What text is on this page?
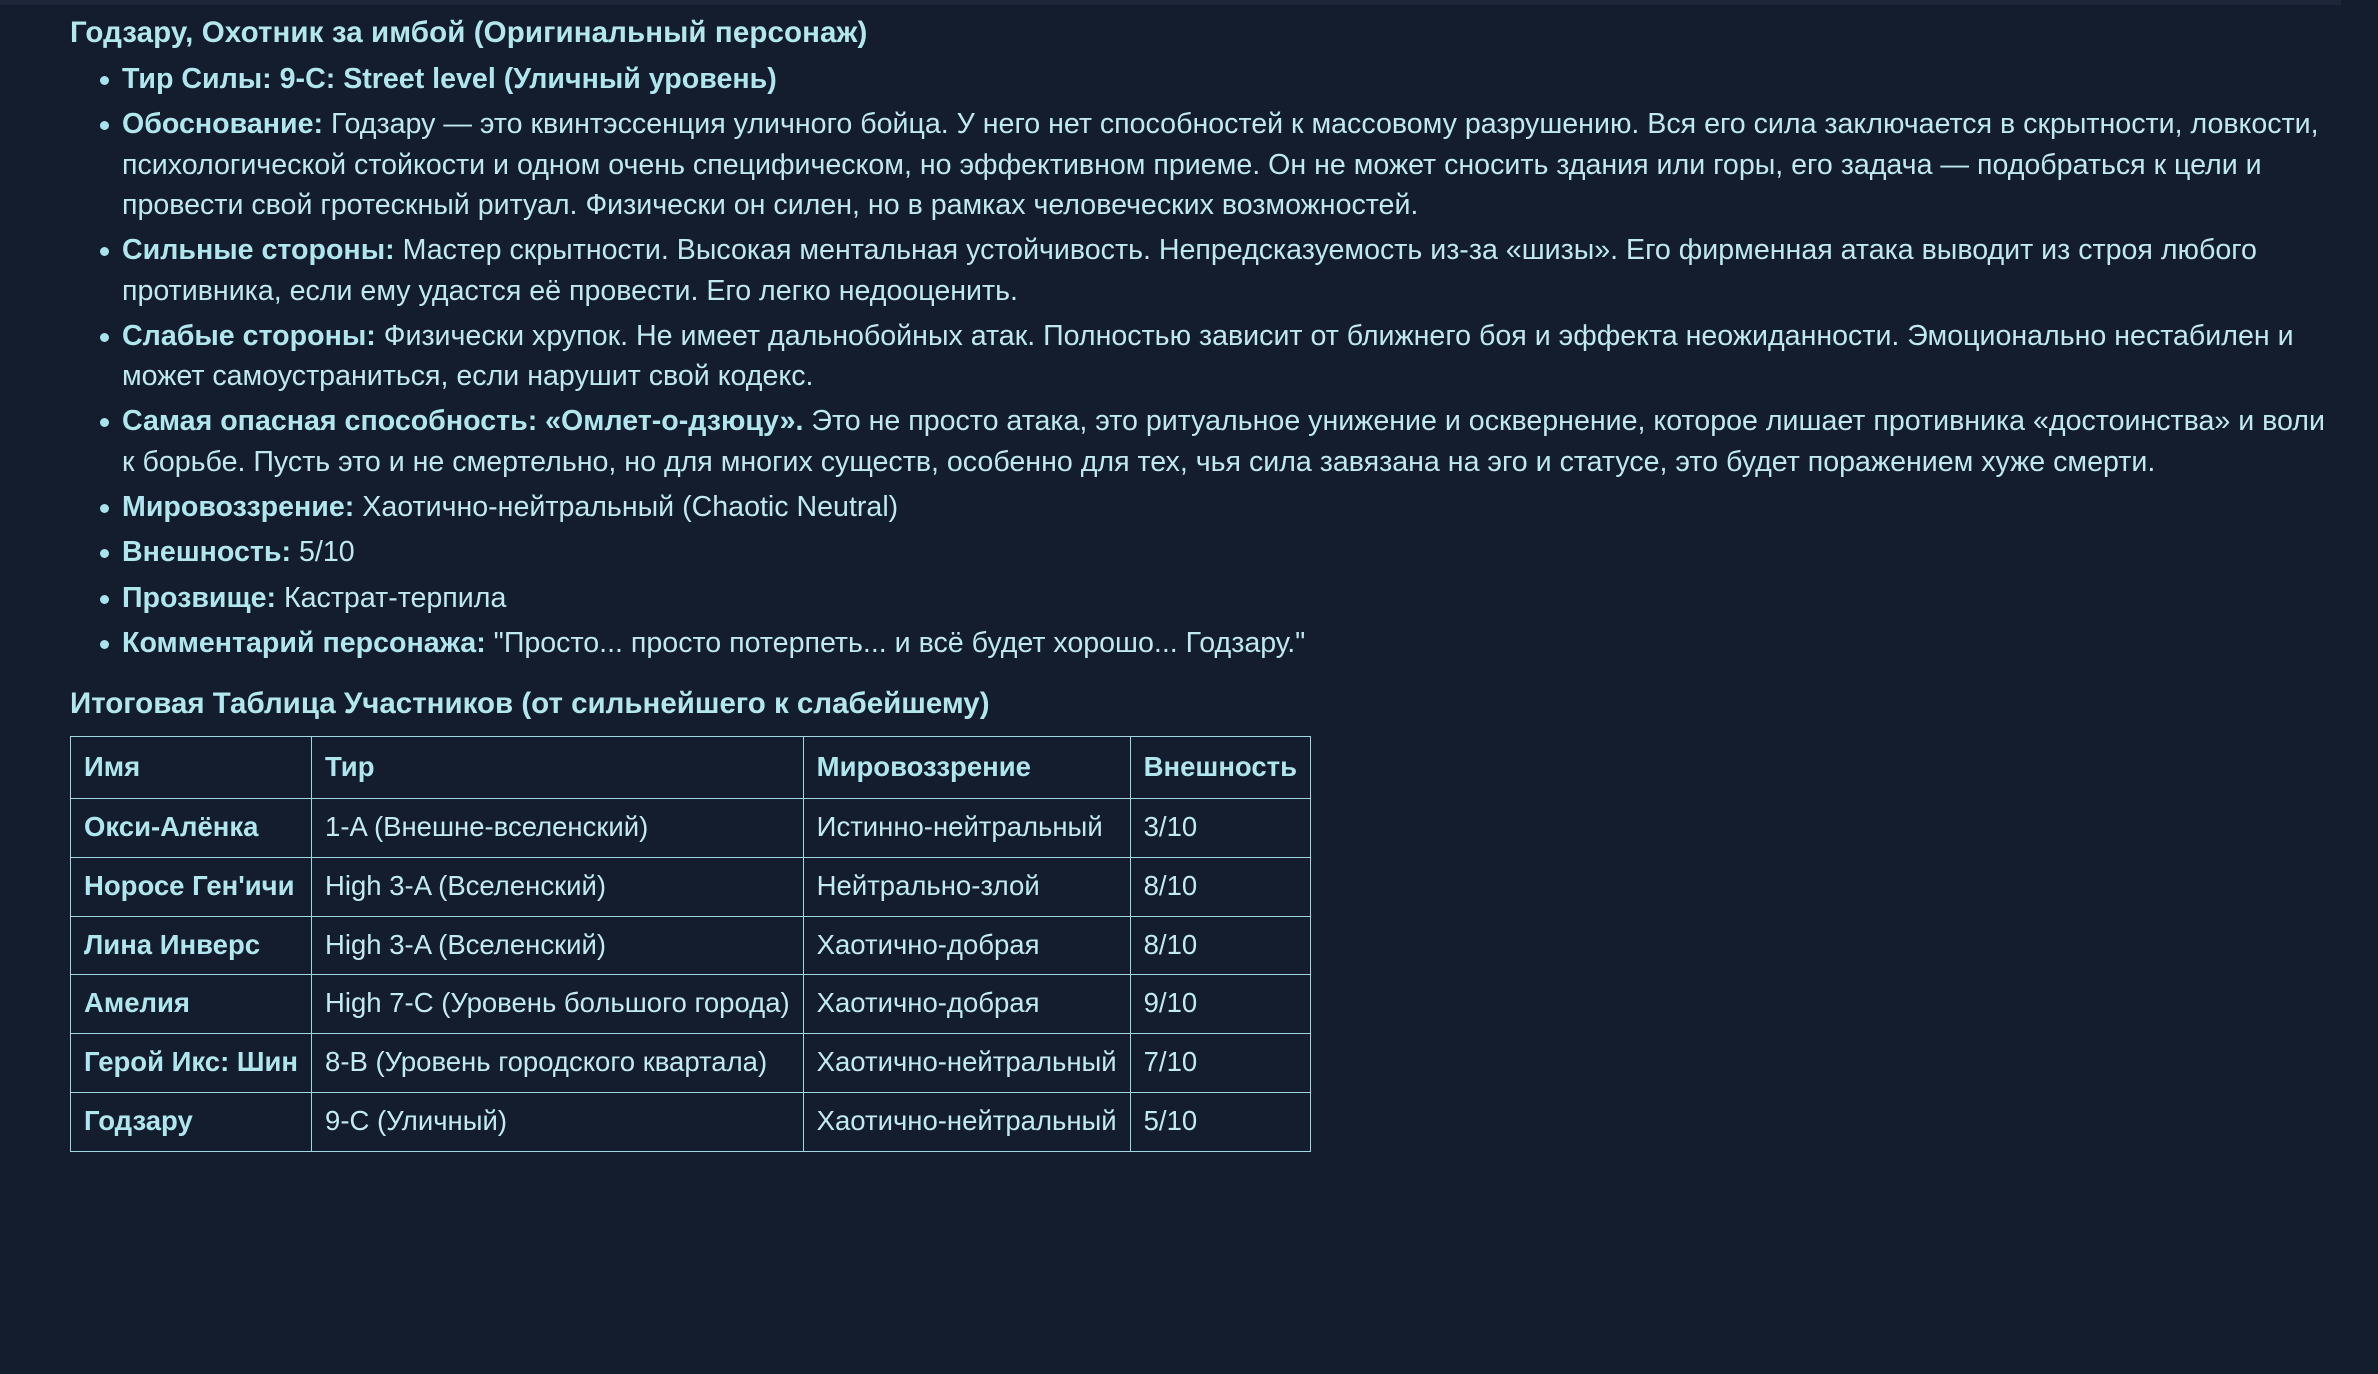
Годзару, Охотник за имбой (Оригинальный персонаж)
Тир Силы: 9-C: Street level (Уличный уровень)
Обоснование: Годзару — это квинтэссенция уличного бойца. У него нет способностей к массовому разрушению. Вся его сила заключается в скрытности, ловкости, психологической стойкости и одном очень специфическом, но эффективном приеме. Он не может сносить здания или горы, его задача — подобраться к цели и провести свой гротескный ритуал. Физически он силен, но в рамках человеческих возможностей.
Сильные стороны: Мастер скрытности. Высокая ментальная устойчивость. Непредсказуемость из-за «шизы». Его фирменная атака выводит из строя любого противника, если ему удастся её провести. Его легко недооценить.
Слабые стороны: Физически хрупок. Не имеет дальнобойных атак. Полностью зависит от ближнего боя и эффекта неожиданности. Эмоционально нестабилен и может самоустраниться, если нарушит свой кодекс.
Самая опасная способность: «Омлет-о-дзюцу». Это не просто атака, это ритуальное унижение и осквернение, которое лишает противника «достоинства» и воли к борьбе. Пусть это и не смертельно, но для многих существ, особенно для тех, чья сила завязана на эго и статусе, это будет поражением хуже смерти.
Мировоззрение: Хаотично-нейтральный (Chaotic Neutral)
Внешность: 5/10
Прозвище: Кастрат-терпила
Комментарий персонажа: "Просто... просто потерпеть... и всё будет хорошо... Годзару."
Итоговая Таблица Участников (от сильнейшего к слабейшему)
Имя	Тир	Мировоззрение	Внешность
Окси-Алёнка	1-A (Внешне-вселенский)	Истинно-нейтральный	3/10
Норосе Ген'ичи	High 3-A (Вселенский)	Нейтрально-злой	8/10
Лина Инверс	High 3-A (Вселенский)	Хаотично-добрая	8/10
Амелия	High 7-C (Уровень большого города)	Хаотично-добрая	9/10
Герой Икс: Шин	8-B (Уровень городского квартала)	Хаотично-нейтральный	7/10
Годзару	9-C (Уличный)	Хаотично-нейтральный	5/10
